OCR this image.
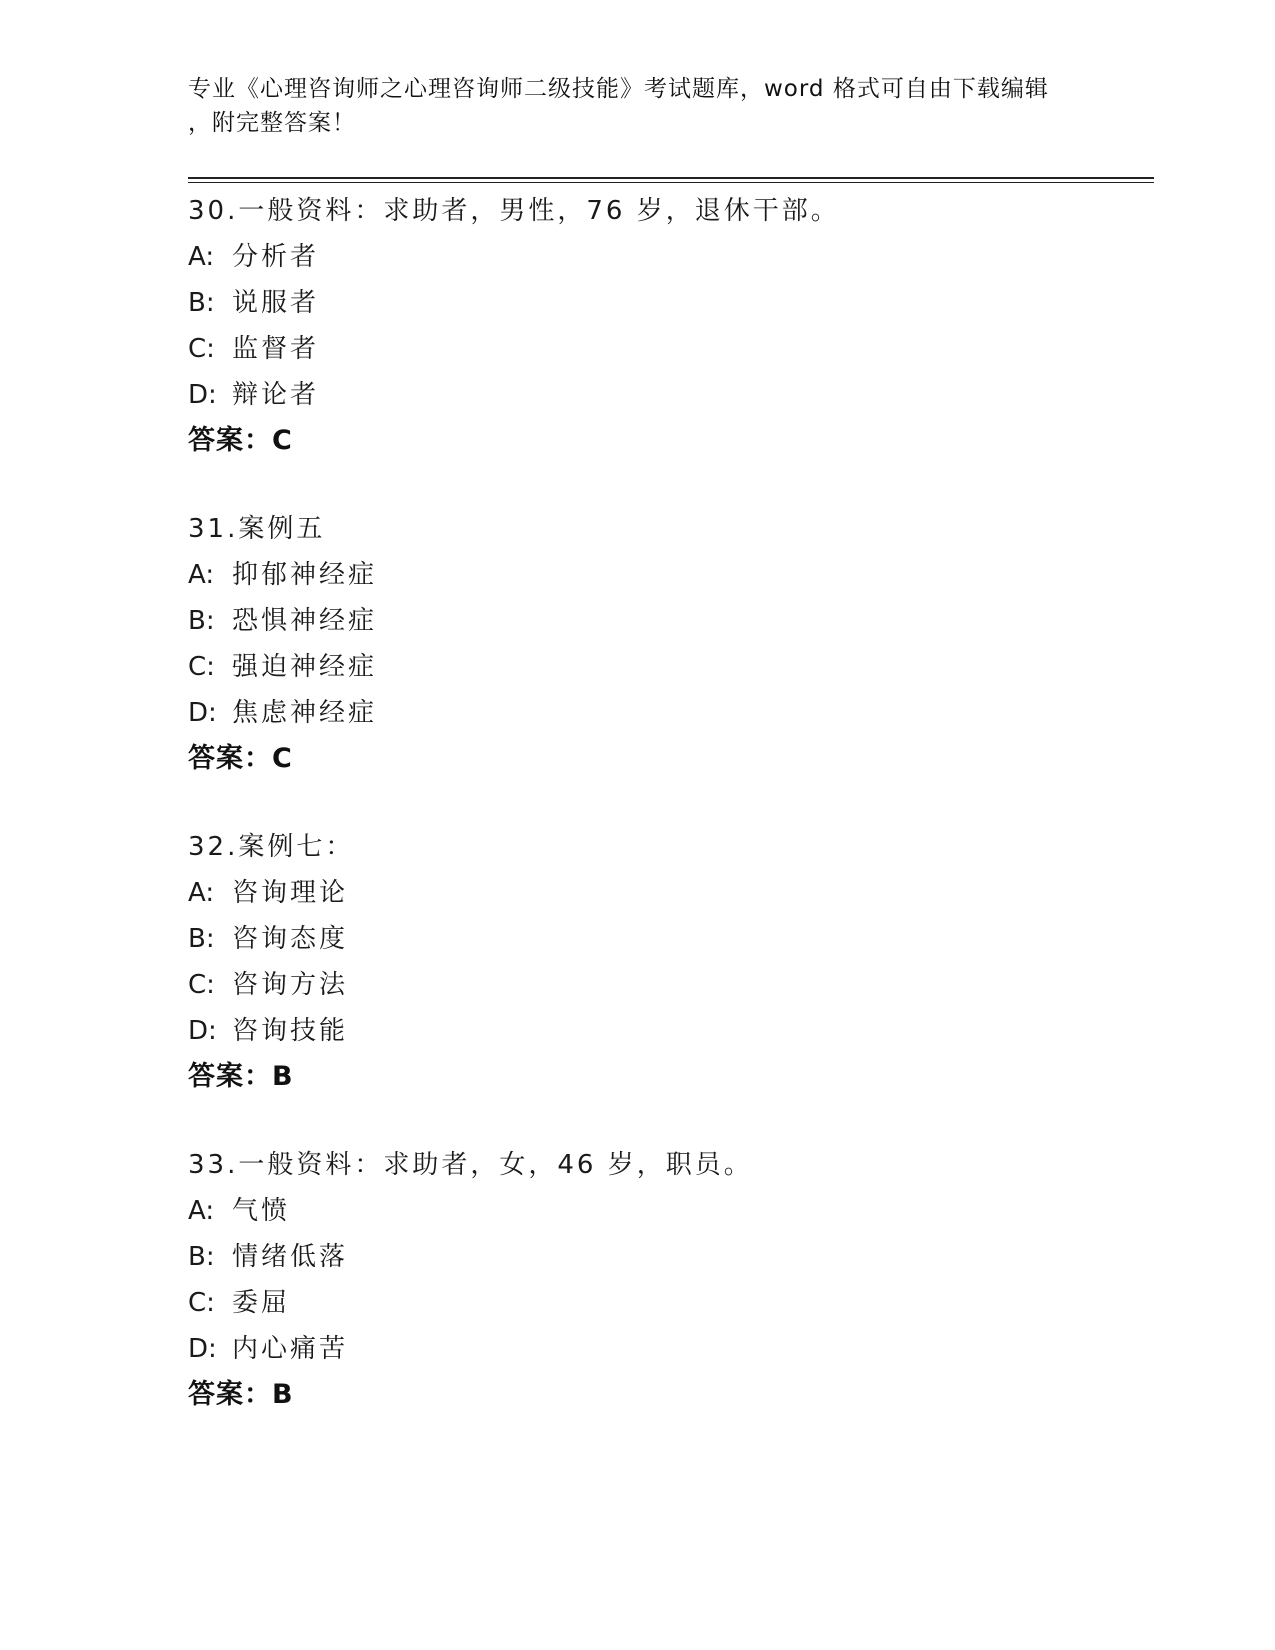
专业《心理咨询师之心理咨询师二级技能》考试题库，word 格式可自由下载编辑
，附完整答案！
30.一般资料：求助者，男性，76 岁，退休干部。
A: 分析者
B: 说服者
C: 监督者
D: 辩论者
答案：C
31.案例五
A: 抑郁神经症
B: 恐惧神经症
C: 强迫神经症
D: 焦虑神经症
答案：C
32.案例七：
A: 咨询理论
B: 咨询态度
C: 咨询方法
D: 咨询技能
答案：B
33.一般资料：求助者，女，46 岁，职员。
A: 气愤
B: 情绪低落
C: 委屈
D: 内心痛苦
答案：B
